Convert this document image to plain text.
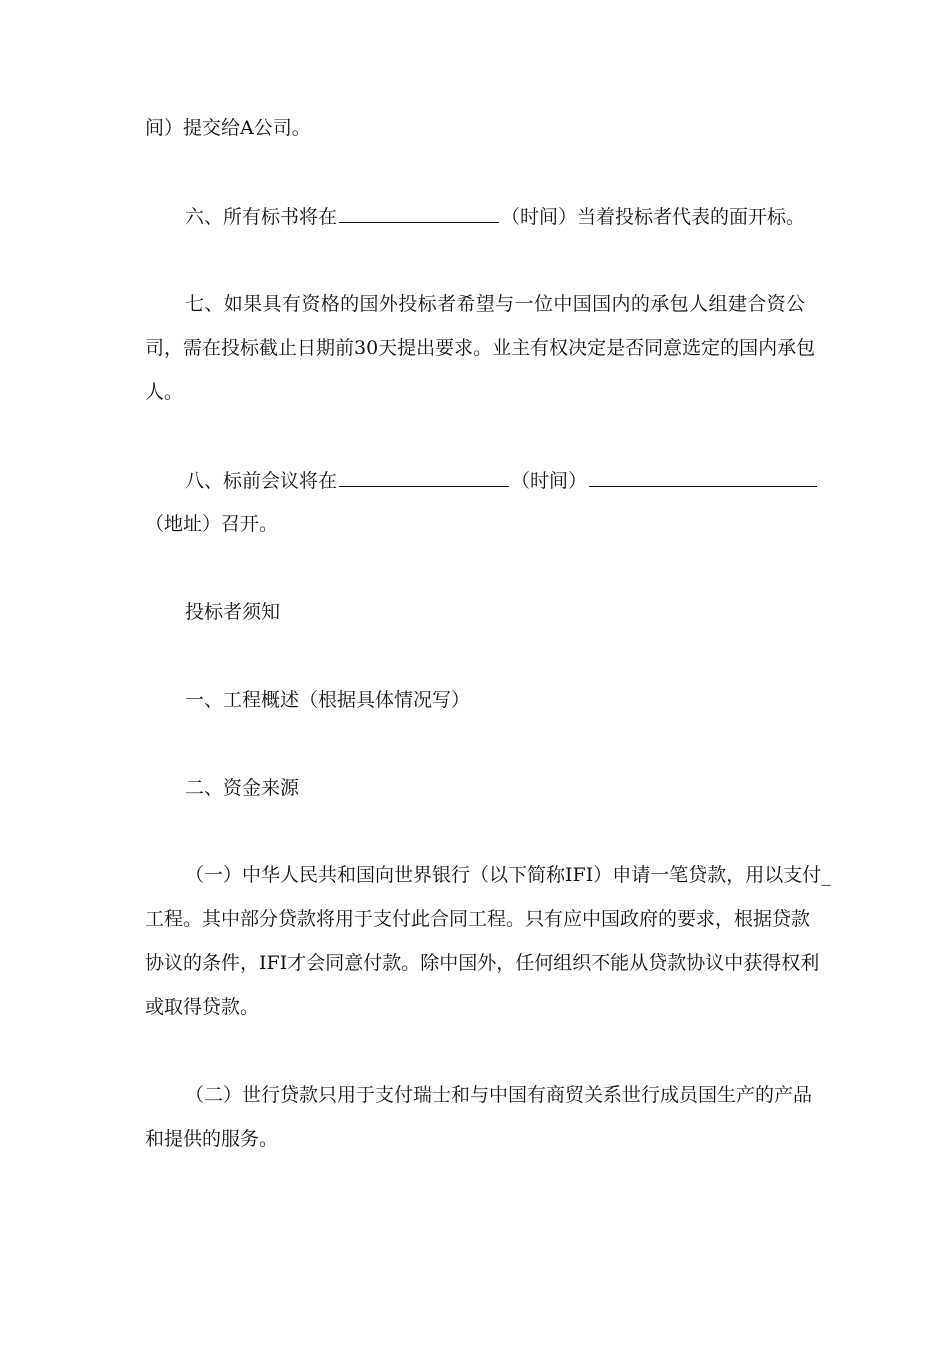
间）提交给A公司。
六、所有标书将在	（时间）当着投标者代表的面开标。
七、如果具有资格的国外投标者希望与一位中国国内的承包人组建合资公
司，需在投标截止日期前30天提出要求。业主有权决定是否同意选定的国内承包
人。
八、标前会议将在	（时间）
（地址）召开。
投标者须知
一、工程概述（根据具体情况写）
二、资金来源
（一）中华人民共和国向世界银行（以下简称IFI）申请一笔贷款，用以支付_
工程。其中部分贷款将用于支付此合同工程。只有应中国政府的要求，根据贷款
协议的条件，IFI才会同意付款。除中国外，任何组织不能从贷款协议中获得权利
或取得贷款。
（二）世行贷款只用于支付瑞士和与中国有商贸关系世行成员国生产的产品
和提供的服务。
